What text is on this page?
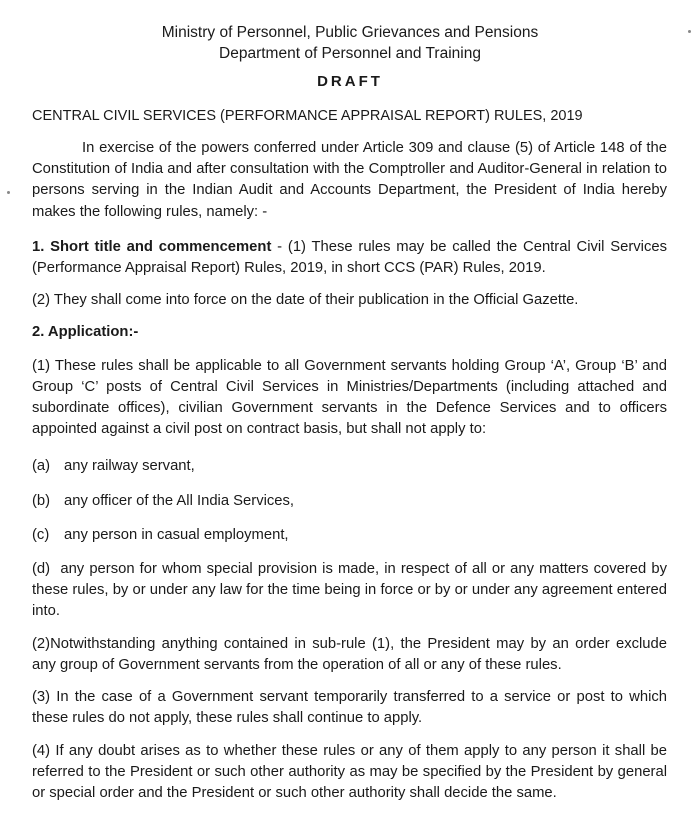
Ministry of Personnel, Public Grievances and Pensions
Department of Personnel and Training
DRAFT
CENTRAL CIVIL SERVICES (PERFORMANCE APPRAISAL REPORT) RULES, 2019
In exercise of the powers conferred under Article 309 and clause (5) of Article 148 of the Constitution of India and after consultation with the Comptroller and Auditor-General in relation to persons serving in the Indian Audit and Accounts Department, the President of India hereby makes the following rules, namely: -
1. Short title and commencement - (1) These rules may be called the Central Civil Services (Performance Appraisal Report) Rules, 2019, in short CCS (PAR) Rules, 2019.
(2) They shall come into force on the date of their publication in the Official Gazette.
2. Application:-
(1) These rules shall be applicable to all Government servants holding Group ‘A’, Group ‘B’ and Group ‘C’ posts of Central Civil Services in Ministries/Departments (including attached and subordinate offices), civilian Government servants in the Defence Services and to officers appointed against a civil post on contract basis, but shall not apply to:
(a) any railway servant,
(b) any officer of the All India Services,
(c) any person in casual employment,
(d) any person for whom special provision is made, in respect of all or any matters covered by these rules, by or under any law for the time being in force or by or under any agreement entered into.
(2)Notwithstanding anything contained in sub-rule (1), the President may by an order exclude any group of Government servants from the operation of all or any of these rules.
(3) In the case of a Government servant temporarily transferred to a service or post to which these rules do not apply, these rules shall continue to apply.
(4) If any doubt arises as to whether these rules or any of them apply to any person it shall be referred to the President or such other authority as may be specified by the President by general or special order and the President or such other authority shall decide the same.
